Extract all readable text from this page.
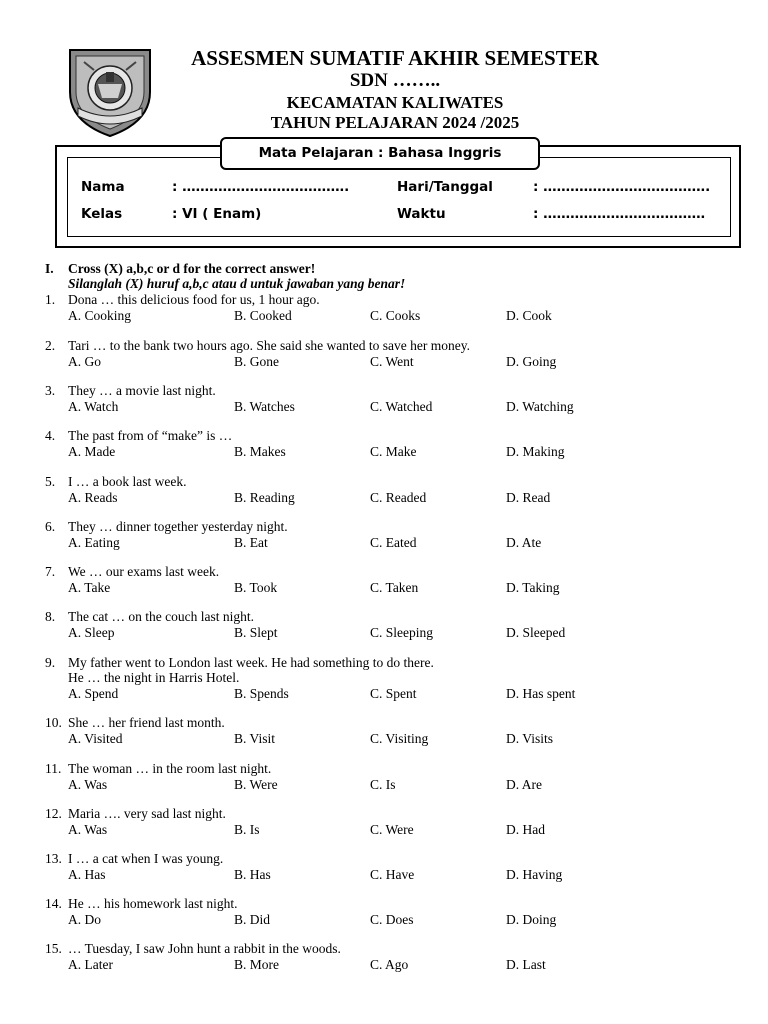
ASSESMEN SUMATIF AKHIR SEMESTER
SDN ……..
KECAMATAN KALIWATES
TAHUN PELAJARAN 2024 /2025
Mata Pelajaran : Bahasa Inggris
Nama	: ……………………………….	Hari/Tanggal	: ……………………………….
Kelas	: VI ( Enam)	Waktu	: ………………………………
I. Cross (X) a,b,c or d for the correct answer!
Silanglah (X) huruf a,b,c atau d untuk jawaban yang benar!
1. Dona … this delicious food for us, 1 hour ago.
A. Cooking	B. Cooked	C. Cooks	D. Cook
2. Tari … to the bank two hours ago. She said she wanted to save her money.
A. Go	B. Gone	C. Went	D. Going
3. They … a movie last night.
A. Watch	B. Watches	C. Watched	D. Watching
4. The past from of “make” is …
A. Made	B. Makes	C. Make	D. Making
5. I … a book last week.
A. Reads	B. Reading	C. Readed	D. Read
6. They … dinner together yesterday night.
A. Eating	B. Eat	C. Eated	D. Ate
7. We … our exams last week.
A. Take	B. Took	C. Taken	D. Taking
8. The cat … on the couch last night.
A. Sleep	B. Slept	C. Sleeping	D. Sleeped
9. My father went to London last week. He had something to do there.
He … the night in Harris Hotel.
A. Spend	B. Spends	C. Spent	D. Has spent
10. She … her friend last month.
A. Visited	B. Visit	C. Visiting	D. Visits
11. The woman … in the room last night.
A. Was	B. Were	C. Is	D. Are
12. Maria …. very sad last night.
A. Was	B. Is	C. Were	D. Had
13. I … a cat when I was young.
A. Has	B. Has	C. Have	D. Having
14. He … his homework last night.
A. Do	B. Did	C. Does	D. Doing
15. … Tuesday, I saw John hunt a rabbit in the woods.
A. Later	B. More	C. Ago	D. Last
